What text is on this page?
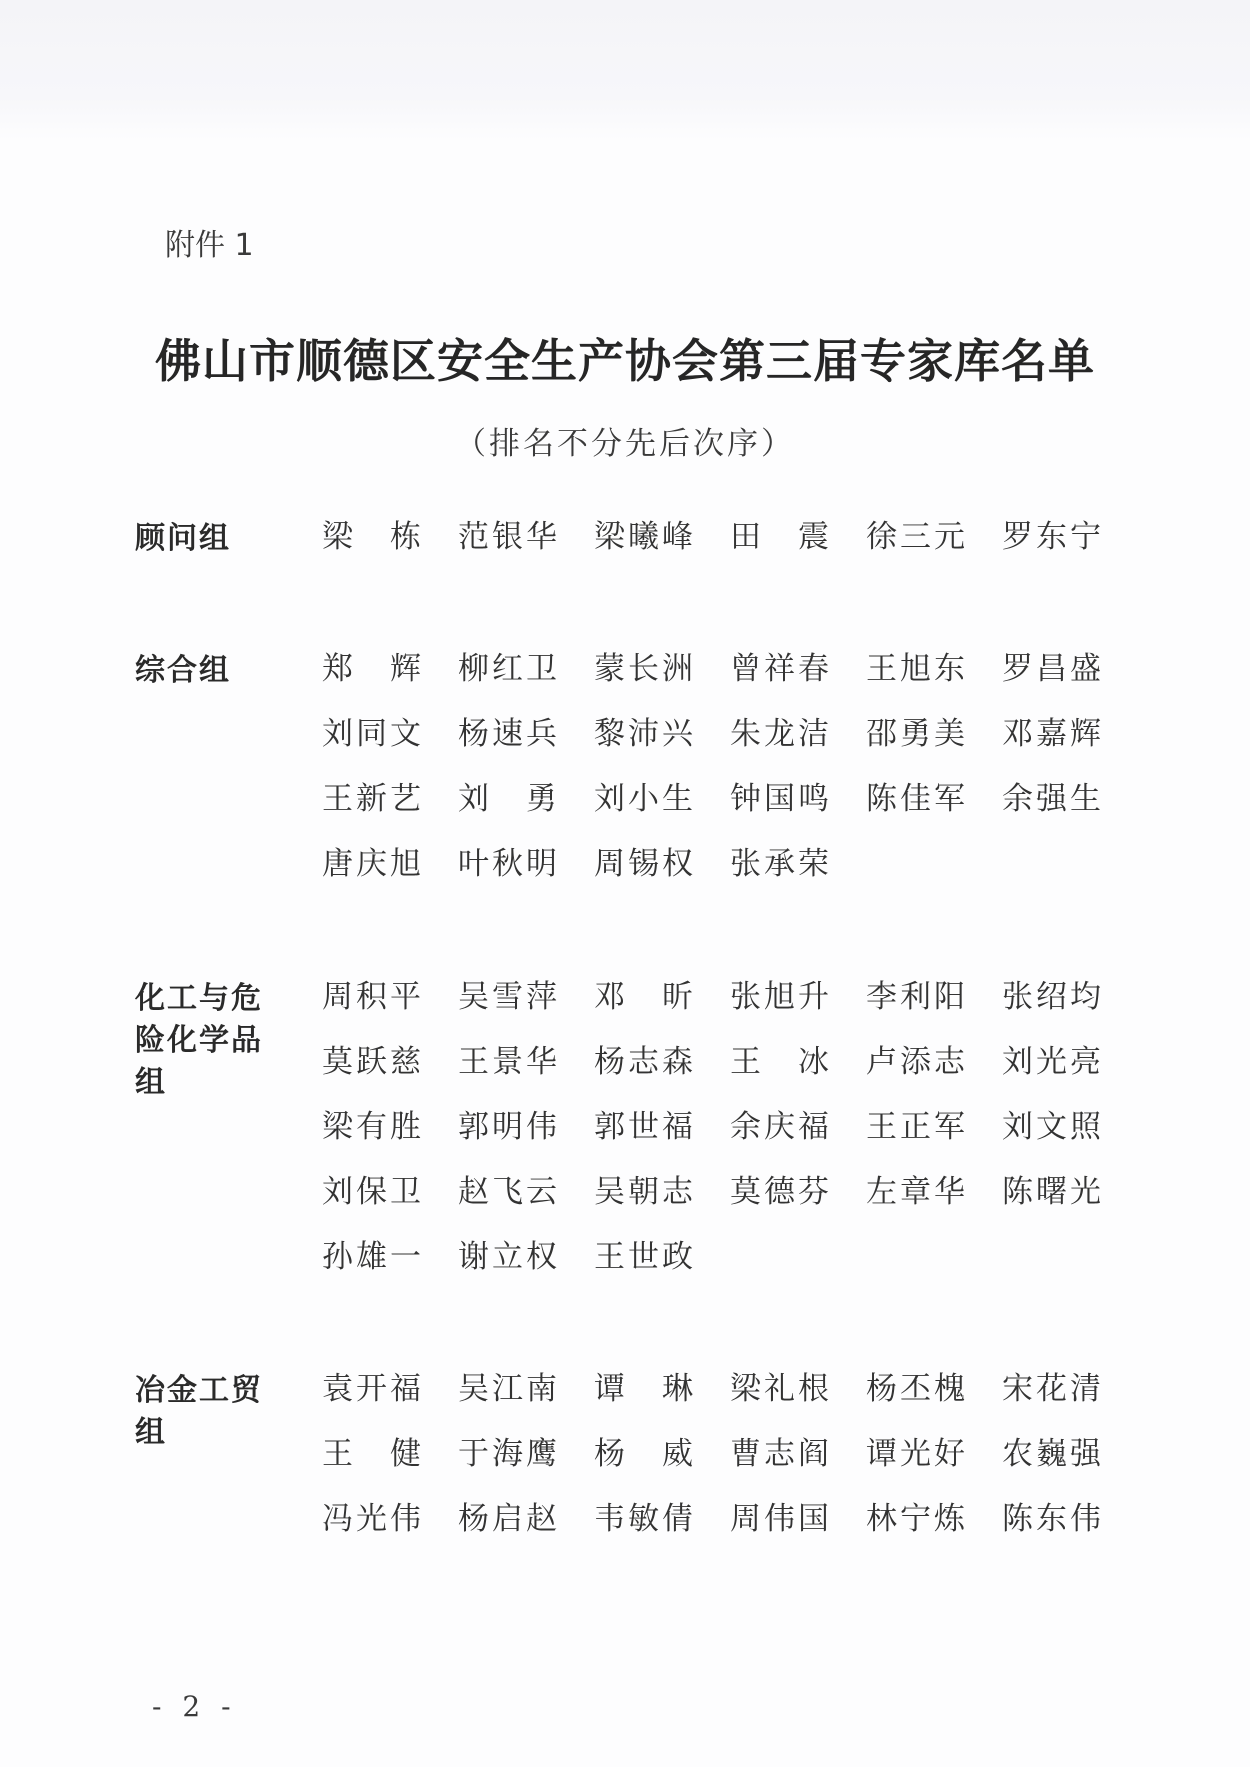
附件 1
佛山市顺德区安全生产协会第三届专家库名单
（排名不分先后次序）
顾问组	梁　栋	范银华	梁曦峰	田　震	徐三元	罗东宁
综合组	郑　辉	柳红卫	蒙长洲	曾祥春	王旭东	罗昌盛
刘同文	杨速兵	黎沛兴	朱龙洁	邵勇美	邓嘉辉
王新艺	刘　勇	刘小生	钟国鸣	陈佳军	余强生
唐庆旭	叶秋明	周锡权	张承荣
化工与危险化学品组
周积平	吴雪萍	邓　昕	张旭升	李利阳	张绍均
莫跃慈	王景华	杨志森	王　冰	卢添志	刘光亮
梁有胜	郭明伟	郭世福	余庆福	王正军	刘文照
刘保卫	赵飞云	吴朝志	莫德芬	左章华	陈曙光
孙雄一	谢立权	王世政
冶金工贸组
袁开福	吴江南	谭　琳	梁礼根	杨丕槐	宋花清
王　健	于海鹰	杨　威	曹志阎	谭光好	农巍强
冯光伟	杨启赵	韦敏倩	周伟国	林宁炼	陈东伟
- 2 -
